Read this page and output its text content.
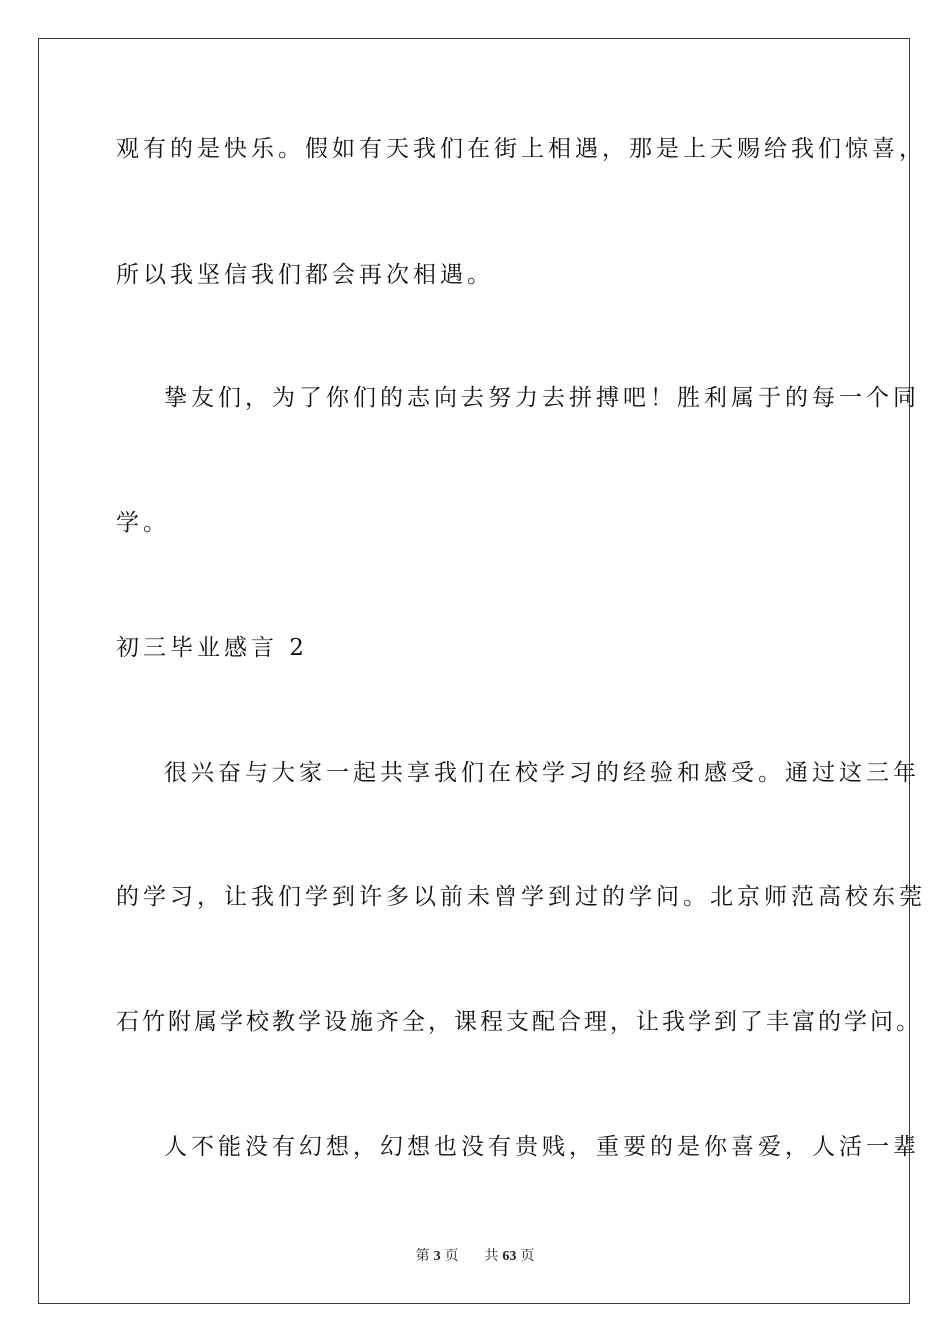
观有的是快乐。假如有天我们在街上相遇，那是上天赐给我们惊喜，
所以我坚信我们都会再次相遇。
挚友们，为了你们的志向去努力去拼搏吧！胜利属于的每一个同
学。
初三毕业感言 2
很兴奋与大家一起共享我们在校学习的经验和感受。通过这三年
的学习，让我们学到许多以前未曾学到过的学问。北京师范高校东莞
石竹附属学校教学设施齐全，课程支配合理，让我学到了丰富的学问。
人不能没有幻想，幻想也没有贵贱，重要的是你喜爱，人活一辈
第 3 页 共 63 页
